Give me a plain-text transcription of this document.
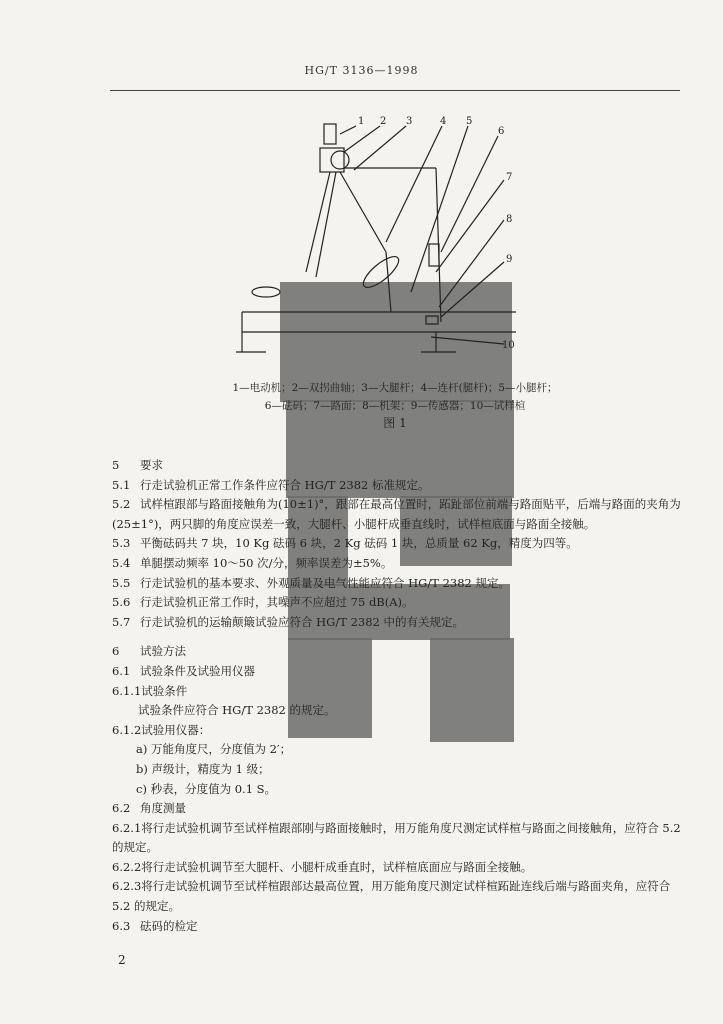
HG/T 3136—1998
1 2 3	4 5
6
7
8
9
10
1—电动机；2—双拐曲轴；3—大腿杆；4—连杆(腿杆)；5—小腿杆；
6—砝码；7—路面；8—机架；9—传感器；10—试样楦
图 1

5 要求

5.1 行走试验机正常工作条件应符合 HG/T 2382 标准规定。

5.2 试样楦跟部与路面接触角为(10±1)°，跟部在最高位置时，跖趾部位前端与路面贴平，后端与路面的夹角为(25±1°)，两只脚的角度应误差一致，大腿杆、小腿杆成垂直线时，试样楦底面与路面全接触。

5.3 平衡砝码共 7 块，10 Kg 砝码 6 块，2 Kg 砝码 1 块，总质量 62 Kg，精度为四等。

5.4 单腿摆动频率 10～50 次/分，频率误差为±5%。

5.5 行走试验机的基本要求、外观质量及电气性能应符合 HG/T 2382 规定。

5.6 行走试验机正常工作时，其噪声不应超过 75 dB(A)。

5.7 行走试验机的运输颠簸试验应符合 HG/T 2382 中的有关规定。

6 试验方法

6.1 试验条件及试验用仪器

6.1.1试验条件

试验条件应符合 HG/T 2382 的规定。

6.1.2试验用仪器：

a) 万能角度尺，分度值为 2′；

b) 声级计，精度为 1 级；

c) 秒表，分度值为 0.1 S。

6.2 角度测量

6.2.1将行走试验机调节至试样楦跟部刚与路面接触时，用万能角度尺测定试样楦与路面之间接触角，应符合 5.2 的规定。

6.2.2将行走试验机调节至大腿杆、小腿杆成垂直时，试样楦底面应与路面全接触。

6.2.3将行走试验机调节至试样楦跟部达最高位置，用万能角度尺测定试样楦跖趾连线后端与路面夹角，应符合 5.2 的规定。

6.3 砝码的检定

2
